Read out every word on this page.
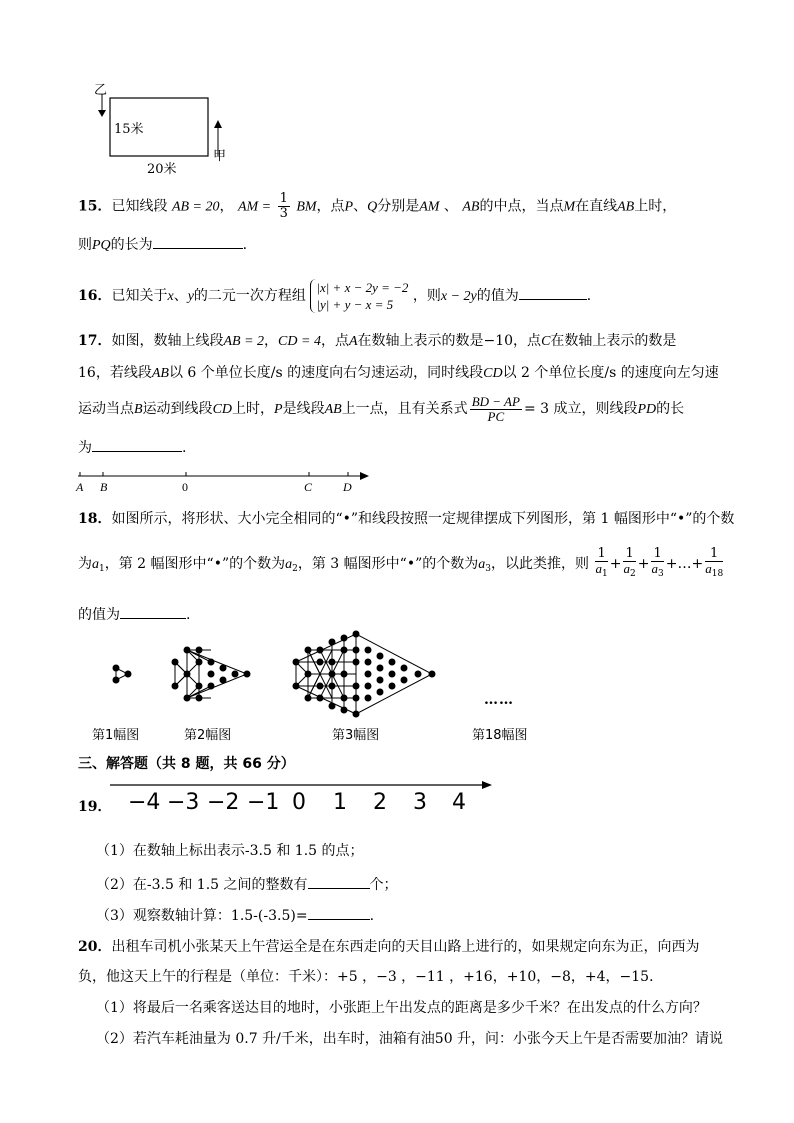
乙
甲
15米
20米
15．已知线段 AB = 20， AM = $\frac{1}{3}$ BM，点P、Q分别是AM 、 AB的中点，当点M在直线AB上时，
则PQ的长为	.
16．已知关于x、y的二元一次方程组
|x| + x − 2y = −2
|y| + y − x = 5
，则x − 2y的值为	．
17．如图，数轴上线段AB = 2，CD = 4，点A在数轴上表示的数是−10，点C在数轴上表示的数是
16，若线段AB以 6 个单位长度/s 的速度向右匀速运动，同时线段CD以 2 个单位长度/s 的速度向左匀速
运动当点B运动到线段CD上时，P是线段AB上一点，且有关系式 $\frac{BD - AP}{PC} = 3$ 成立，则线段PD的长
为	.
A B	0	C	D
18．如图所示，将形状、大小完全相同的“•”和线段按照一定规律摆成下列图形，第 1 幅图形中“•”的个数
为$a_1$，第 2 幅图形中“•”的个数为$a_2$，第 3 幅图形中“•”的个数为$a_3$，以此类推，则 $\frac{1}{a_1} + \frac{1}{a_2} + \frac{1}{a_3}$ +…+ $\frac{1}{a_{18}}$
的值为	.
……
第1幅图	第2幅图	第3幅图	第18幅图
三、解答题（共 8 题，共 66 分）
19． −4 −3 −2 −1 0 1 2 3 4
（1）在数轴上标出表示-3.5 和 1.5 的点；
（2）在-3.5 和 1.5 之间的整数有	个；
（3）观察数轴计算：1.5-(-3.5)=	.
20．出租车司机小张某天上午营运全是在东西走向的天目山路上进行的，如果规定向东为正，向西为
负，他这天上午的行程是（单位：千米）：+5 ，−3 ，−11 ，+16，+10，−8，+4，−15．
（1）将最后一名乘客送达目的地时，小张距上午出发点的距离是多少千米？在出发点的什么方向？
（2）若汽车耗油量为 0.7 升/千米，出车时，油箱有油50 升，问：小张今天上午是否需要加油？请说
